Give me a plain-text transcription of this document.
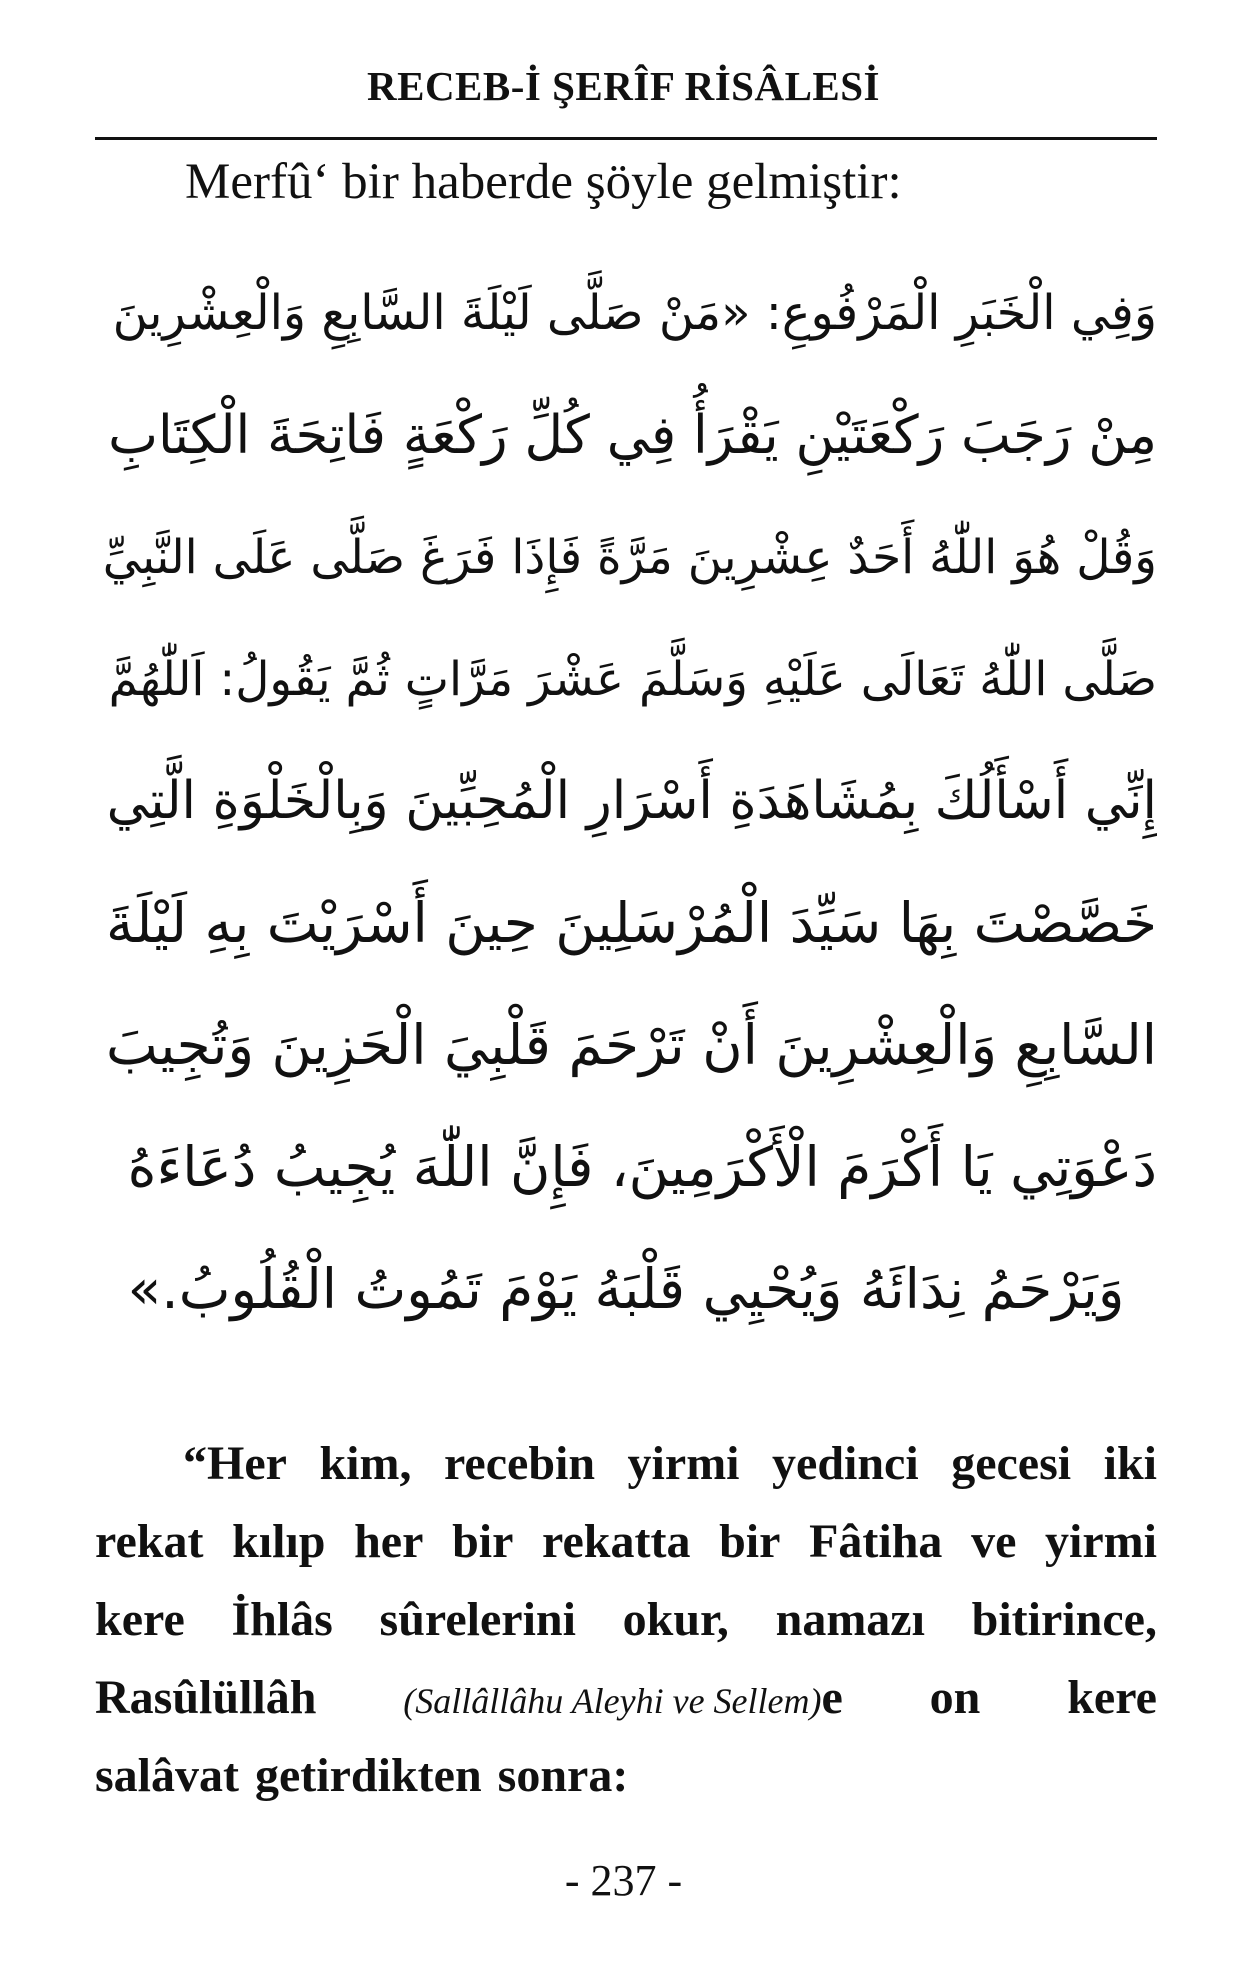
RECEB-İ ŞERÎF RİSÂLESİ
Merfû‘ bir haberde şöyle gelmiştir:
وَفِي الْخَبَرِ الْمَرْفُوعِ: «مَنْ صَلَّى لَيْلَةَ السَّابِعِ وَالْعِشْرِينَ
مِنْ رَجَبَ رَكْعَتَيْنِ يَقْرَأُ فِي كُلِّ رَكْعَةٍ فَاتِحَةَ الْكِتَابِ
وَقُلْ هُوَ اللّٰهُ أَحَدٌ عِشْرِينَ مَرَّةً فَإِذَا فَرَغَ صَلَّى عَلَى النَّبِيِّ
صَلَّى اللّٰهُ تَعَالَى عَلَيْهِ وَسَلَّمَ عَشْرَ مَرَّاتٍ ثُمَّ يَقُولُ: اَللّٰهُمَّ
إِنِّي أَسْأَلُكَ بِمُشَاهَدَةِ أَسْرَارِ الْمُحِبِّينَ وَبِالْخَلْوَةِ الَّتِي
خَصَّصْتَ بِهَا سَيِّدَ الْمُرْسَلِينَ حِينَ أَسْرَيْتَ بِهِ لَيْلَةَ
السَّابِعِ وَالْعِشْرِينَ أَنْ تَرْحَمَ قَلْبِيَ الْحَزِينَ وَتُجِيبَ
دَعْوَتِي يَا أَكْرَمَ الْأَكْرَمِينَ، فَإِنَّ اللّٰهَ يُجِيبُ دُعَاءَهُ
وَيَرْحَمُ نِدَائَهُ وَيُحْيِي قَلْبَهُ يَوْمَ تَمُوتُ الْقُلُوبُ.»
“Her kim, recebin yirmi yedinci gecesi iki
rekat kılıp her bir rekatta bir Fâtiha ve yirmi
kere İhlâs sûrelerini okur, namazı bitirince,
Rasûlüllâh (Sallâllâhu Aleyhi ve Sellem)e on kere
salâvat getirdikten sonra:
- 237 -
